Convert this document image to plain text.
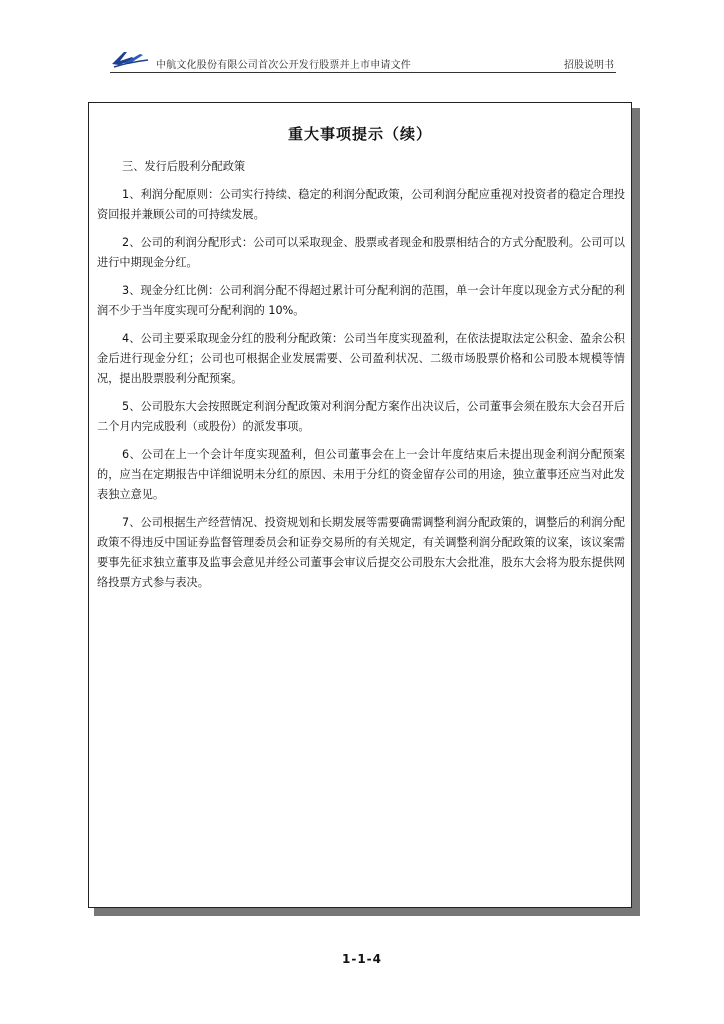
中航文化股份有限公司首次公开发行股票并上市申请文件	招股说明书
重大事项提示（续）

三、发行后股利分配政策

1、利润分配原则：公司实行持续、稳定的利润分配政策，公司利润分配应重视对投资者的稳定合理投资回报并兼顾公司的可持续发展。

2、公司的利润分配形式：公司可以采取现金、股票或者现金和股票相结合的方式分配股利。公司可以进行中期现金分红。

3、现金分红比例：公司利润分配不得超过累计可分配利润的范围，单一会计年度以现金方式分配的利润不少于当年度实现可分配利润的 10%。

4、公司主要采取现金分红的股利分配政策：公司当年度实现盈利，在依法提取法定公积金、盈余公积金后进行现金分红；公司也可根据企业发展需要、公司盈利状况、二级市场股票价格和公司股本规模等情况，提出股票股利分配预案。

5、公司股东大会按照既定利润分配政策对利润分配方案作出决议后，公司董事会须在股东大会召开后二个月内完成股利（或股份）的派发事项。

6、公司在上一个会计年度实现盈利，但公司董事会在上一会计年度结束后未提出现金利润分配预案的，应当在定期报告中详细说明未分红的原因、未用于分红的资金留存公司的用途，独立董事还应当对此发表独立意见。

7、公司根据生产经营情况、投资规划和长期发展等需要确需调整利润分配政策的，调整后的利润分配政策不得违反中国证券监督管理委员会和证券交易所的有关规定，有关调整利润分配政策的议案，该议案需要事先征求独立董事及监事会意见并经公司董事会审议后提交公司股东大会批准，股东大会将为股东提供网络投票方式参与表决。

1-1-4
